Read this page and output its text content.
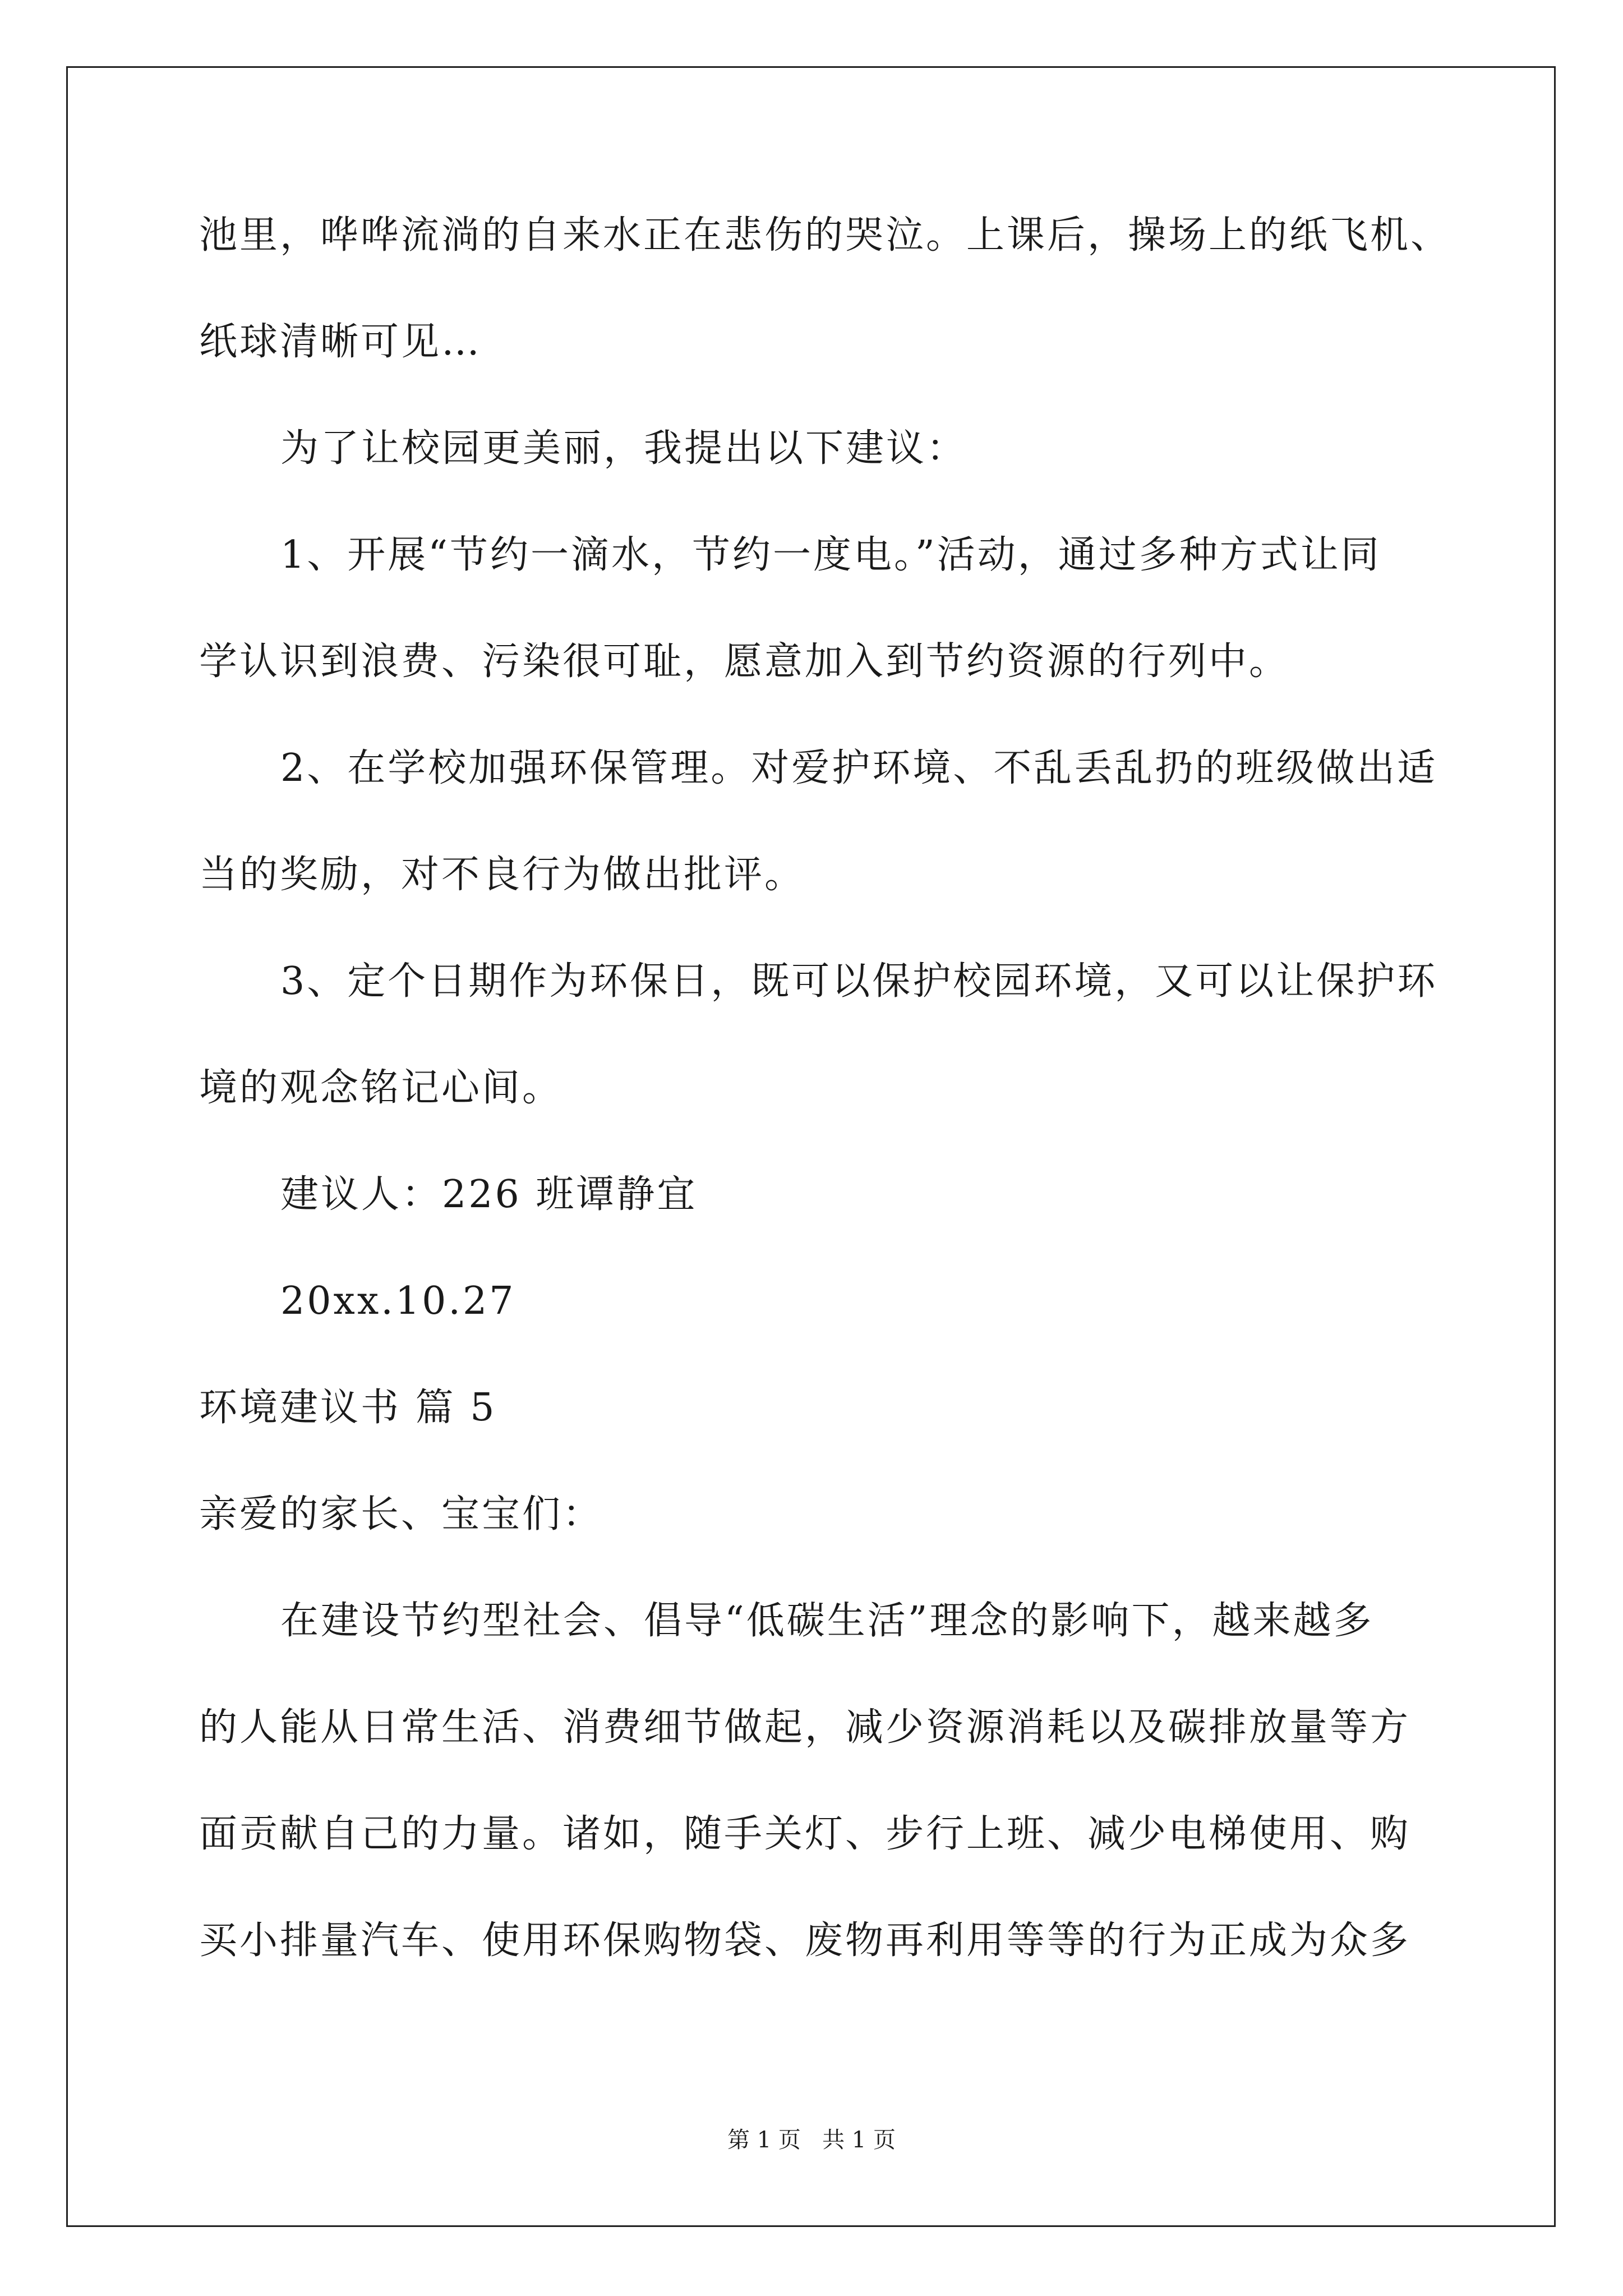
池里，哗哗流淌的自来水正在悲伤的哭泣。上课后，操场上的纸飞机、
纸球清晰可见…
为了让校园更美丽，我提出以下建议：
1、开展“节约一滴水，节约一度电。”活动，通过多种方式让同
学认识到浪费、污染很可耻，愿意加入到节约资源的行列中。
2、在学校加强环保管理。对爱护环境、不乱丢乱扔的班级做出适
当的奖励，对不良行为做出批评。
3、定个日期作为环保日，既可以保护校园环境，又可以让保护环
境的观念铭记心间。
建议人：226 班谭静宜
20xx.10.27
环境建议书 篇 5
亲爱的家长、宝宝们：
在建设节约型社会、倡导“低碳生活”理念的影响下，越来越多
的人能从日常生活、消费细节做起，减少资源消耗以及碳排放量等方
面贡献自己的力量。诸如，随手关灯、步行上班、减少电梯使用、购
买小排量汽车、使用环保购物袋、废物再利用等等的行为正成为众多
第 1 页   共 1 页
